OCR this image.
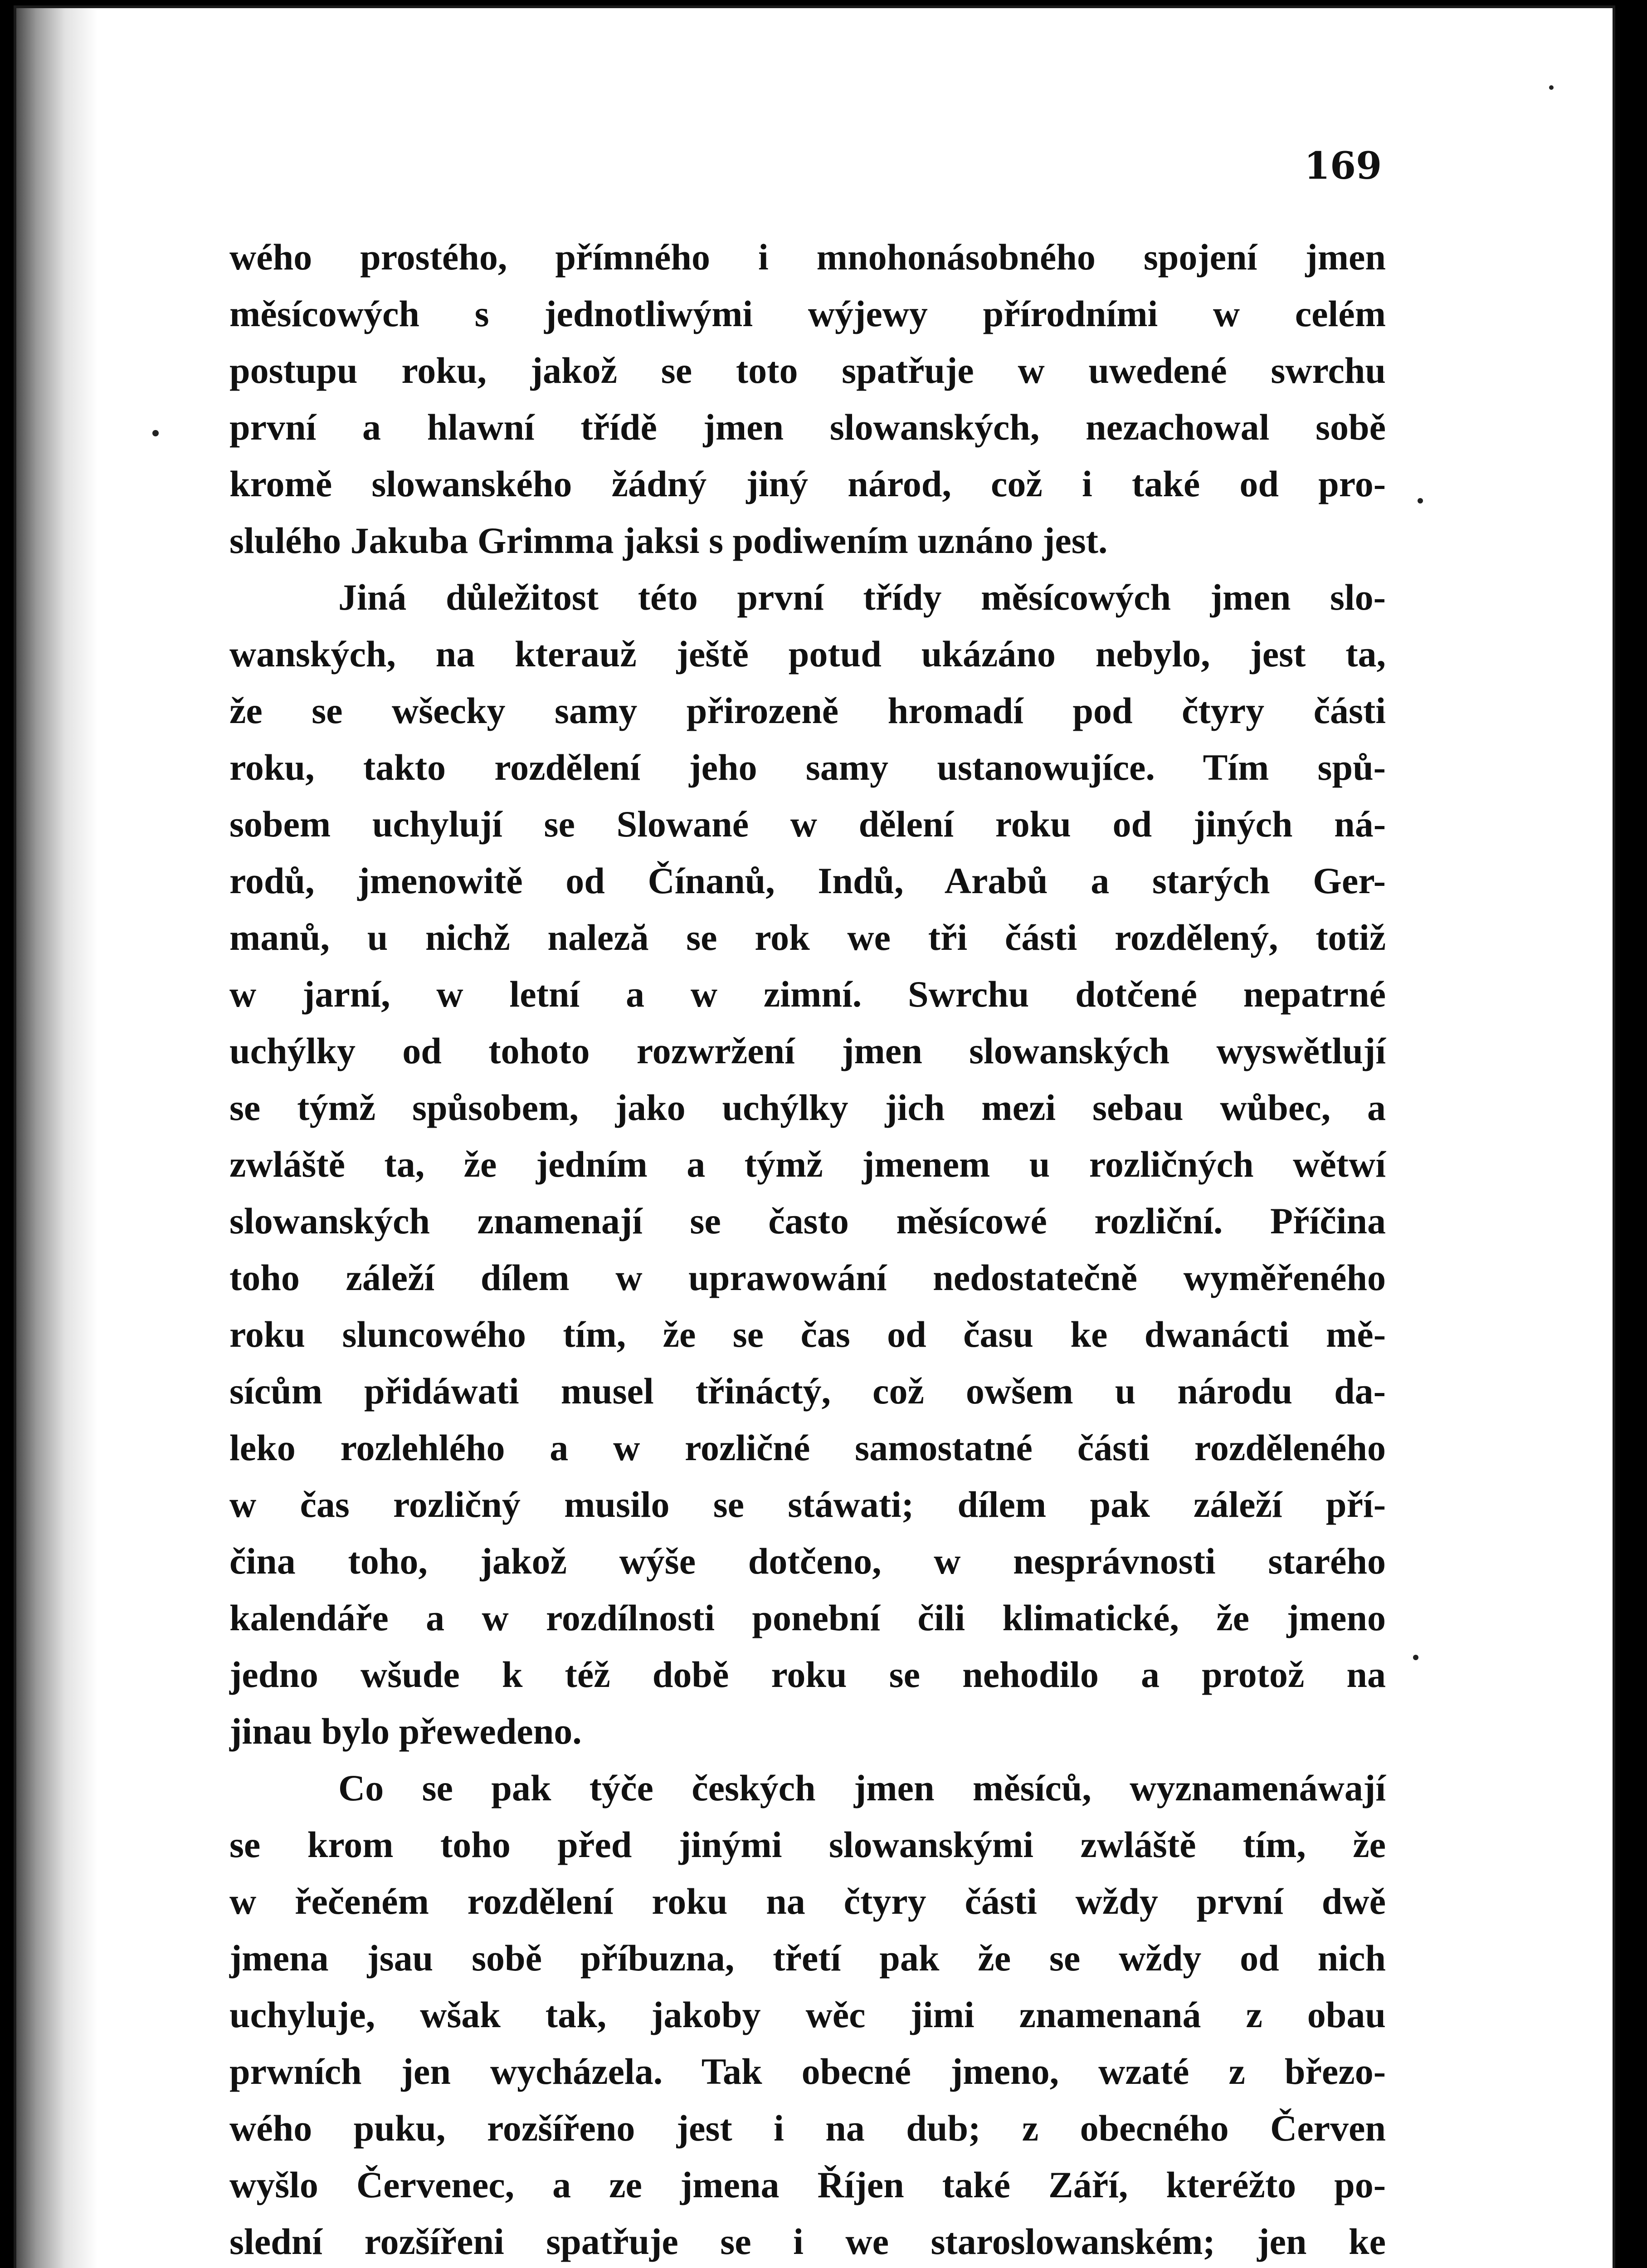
169

wého prostého, přímného i mnohonásobného spojení jmen
měsícowých s jednotliwými wýjewy přírodními w celém
postupu roku, jakož se toto spatřuje w uwedené swrchu
první a hlawní třídě jmen slowanských, nezachowal sobě
kromě slowanského žádný jiný národ, což i také od pro-
slulého Jakuba Grimma jaksi s podiwením uznáno jest.
Jiná důležitost této první třídy měsícowých jmen slo-
wanských, na kterauž ještě potud ukázáno nebylo, jest ta,
že se wšecky samy přirozeně hromadí pod čtyry části
roku, takto rozdělení jeho samy ustanowujíce. Tím spů-
sobem uchylují se Slowané w dělení roku od jiných ná-
rodů, jmenowitě od Čínanů, Indů, Arabů a starých Ger-
manů, u nichž naleză se rok we tři části rozdělený, totiž
w jarní, w letní a w zimní. Swrchu dotčené nepatrné
uchýlky od tohoto rozwržení jmen slowanských wyswětlují
se týmž spůsobem, jako uchýlky jich mezi sebau wůbec, a
zwláště ta, že jedním a týmž jmenem u rozličných wětwí
slowanských znamenají se často měsícowé rozliční. Příčina
toho záleží dílem w uprawowání nedostatečně wyměřeného
roku sluncowého tím, že se čas od času ke dwanácti mě-
sícům přidáwati musel třináctý, což owšem u národu da-
leko rozlehlého a w rozličné samostatné části rozděleného
w čas rozličný musilo se stáwati; dílem pak záleží pří-
čina toho, jakož wýše dotčeno, w nesprávnosti starého
kalendáře a w rozdílnosti ponební čili klimatické, že jmeno
jedno wšude k též době roku se nehodilo a protož na
jinau bylo přewedeno.
Co se pak týče českých jmen měsíců, wyznamenáwají
se krom toho před jinými slowanskými zwláště tím, že
w řečeném rozdělení roku na čtyry části wždy první dwě
jmena jsau sobě příbuzna, třetí pak že se wždy od nich
uchyluje, wšak tak, jakoby wěc jimi znamenaná z obau
prwních jen wycházela. Tak obecné jmeno, wzaté z březo-
wého puku, rozšířeno jest i na dub; z obecného Červen
wyšlo Červenec, a ze jmena Říjen také Září, kteréžto po-
slední rozšířeni spatřuje se i we staroslowanském; jen ke
